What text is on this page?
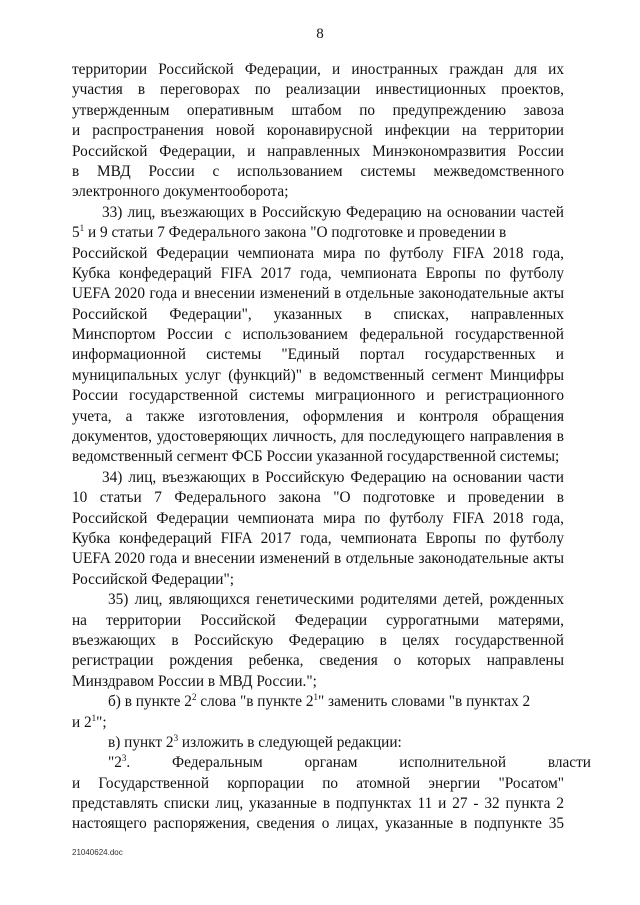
8
территории Российской Федерации, и иностранных граждан для их
участия в переговорах по реализации инвестиционных проектов,
утвержденным оперативным штабом по предупреждению завоза
и распространения новой коронавирусной инфекции на территории
Российской Федерации, и направленных Минэкономразвития России
в МВД России с использованием системы межведомственного
электронного документооборота;
33) лиц, въезжающих в Российскую Федерацию на основании частей
$5^1$ и 9 статьи 7 Федерального закона "О подготовке и проведении в
Российской Федерации чемпионата мира по футболу FIFA 2018 года,
Кубка конфедераций FIFA 2017 года, чемпионата Европы по футболу
UEFA 2020 года и внесении изменений в отдельные законодательные акты
Российской Федерации", указанных в списках, направленных
Минспортом России с использованием федеральной государственной
информационной системы "Единый портал государственных и
муниципальных услуг (функций)" в ведомственный сегмент Минцифры
России государственной системы миграционного и регистрационного
учета, а также изготовления, оформления и контроля обращения
документов, удостоверяющих личность, для последующего направления в
ведомственный сегмент ФСБ России указанной государственной системы;
34) лиц, въезжающих в Российскую Федерацию на основании части
10 статьи 7 Федерального закона "О подготовке и проведении в
Российской Федерации чемпионата мира по футболу FIFA 2018 года,
Кубка конфедераций FIFA 2017 года, чемпионата Европы по футболу
UEFA 2020 года и внесении изменений в отдельные законодательные акты
Российской Федерации";
35) лиц, являющихся генетическими родителями детей, рожденных
на территории Российской Федерации суррогатными матерями,
въезжающих в Российскую Федерацию в целях государственной
регистрации рождения ребенка, сведения о которых направлены
Минздравом России в МВД России.";
б) в пункте $2^2$ слова "в пункте $2^1$" заменить словами "в пунктах 2
и $2^1$";
в) пункт $2^3$ изложить в следующей редакции:
"$2^3$. Федеральным органам исполнительной власти
и Государственной корпорации по атомной энергии "Росатом"
представлять списки лиц, указанные в подпунктах 11 и 27 - 32 пункта 2
настоящего распоряжения, сведения о лицах, указанные в подпункте 35
21040624.doc
